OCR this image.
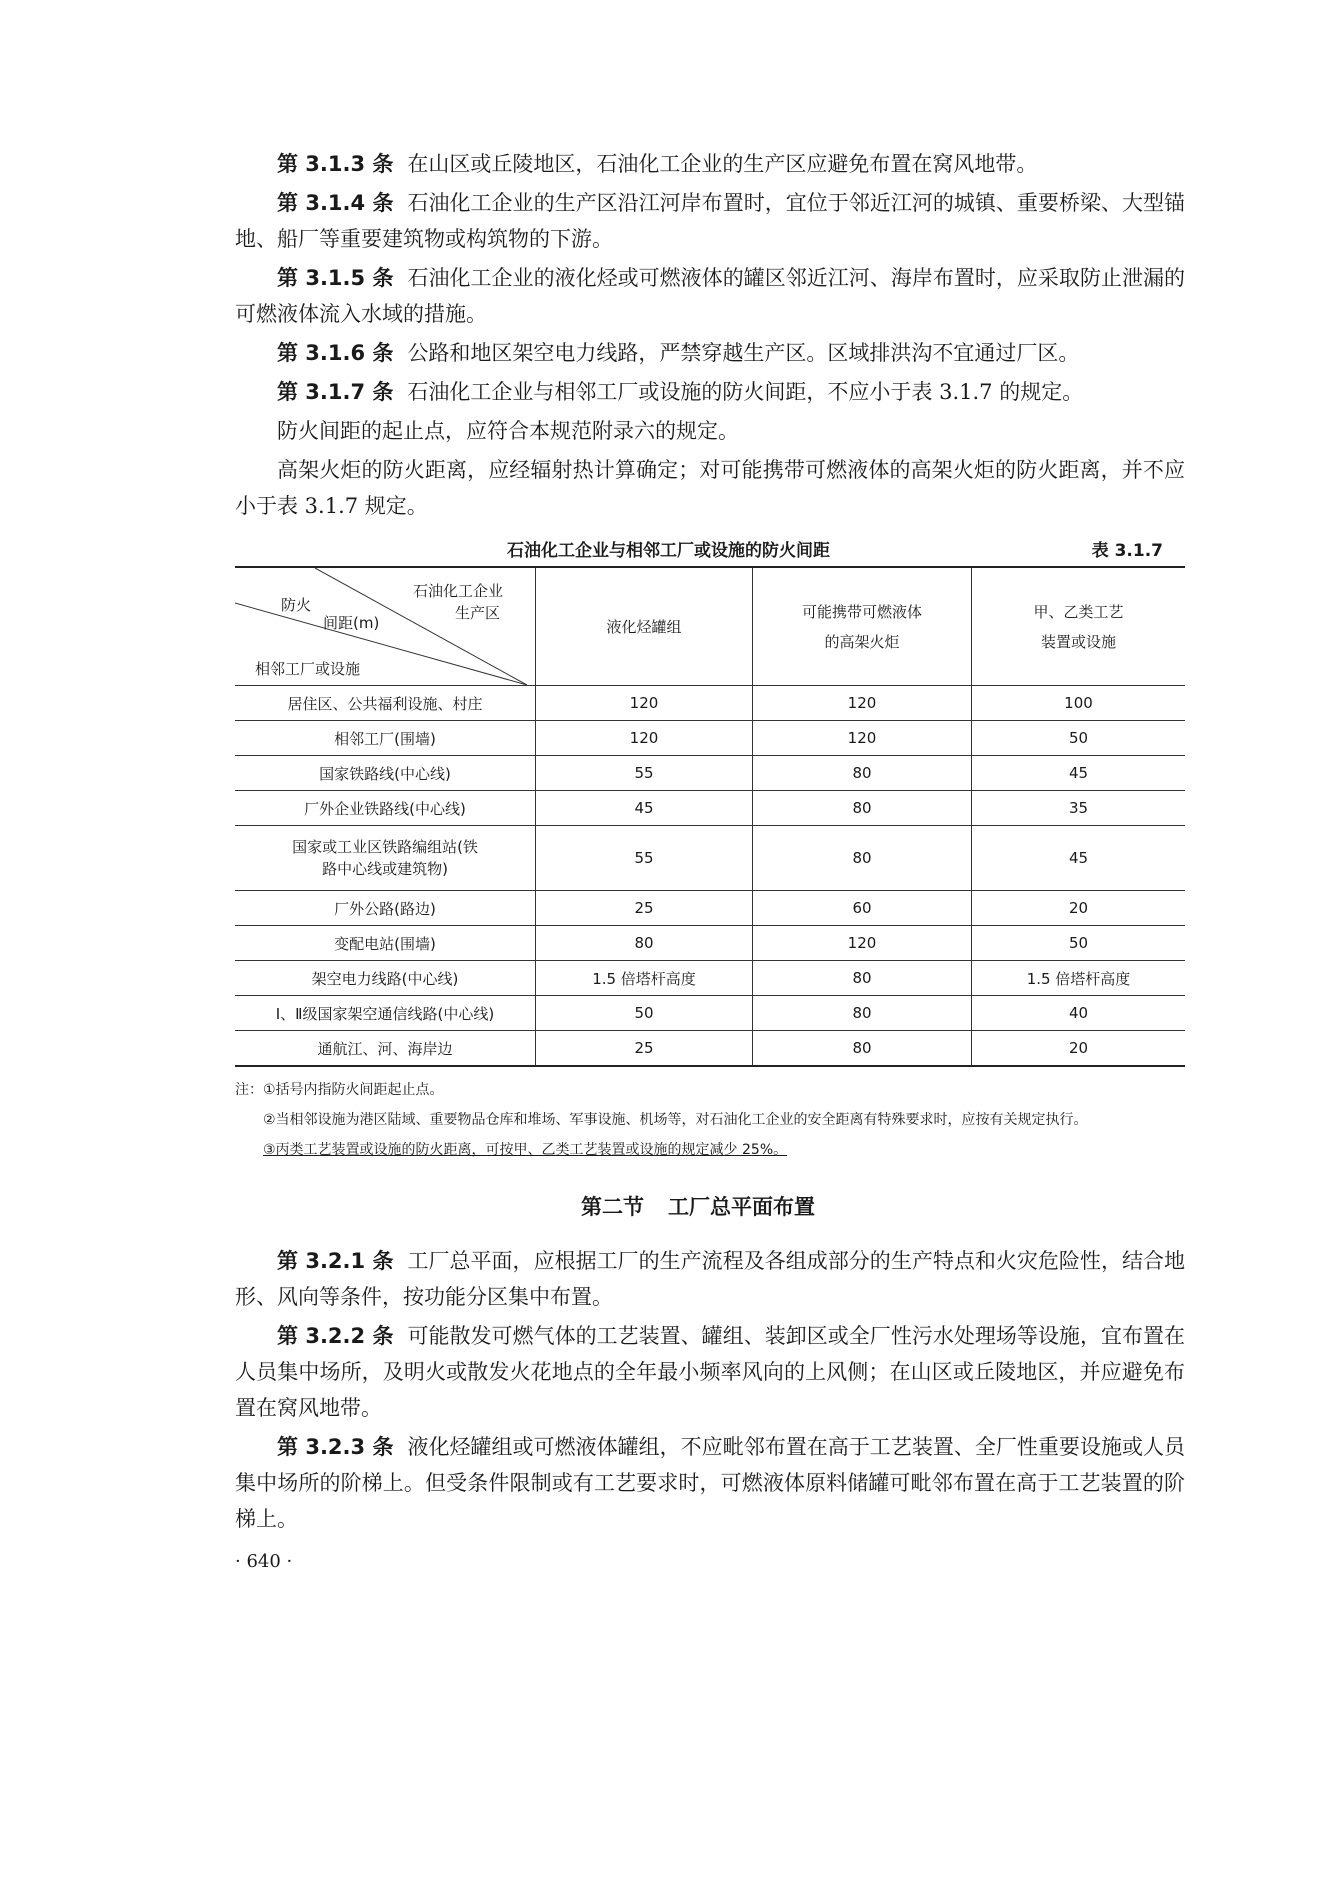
第 3.1.3 条 在山区或丘陵地区，石油化工企业的生产区应避免布置在窝风地带。

第 3.1.4 条 石油化工企业的生产区沿江河岸布置时，宜位于邻近江河的城镇、重要桥梁、大型锚地、船厂等重要建筑物或构筑物的下游。

第 3.1.5 条 石油化工企业的液化烃或可燃液体的罐区邻近江河、海岸布置时，应采取防止泄漏的可燃液体流入水域的措施。

第 3.1.6 条 公路和地区架空电力线路，严禁穿越生产区。区域排洪沟不宜通过厂区。

第 3.1.7 条 石油化工企业与相邻工厂或设施的防火间距，不应小于表 3.1.7 的规定。

防火间距的起止点，应符合本规范附录六的规定。

高架火炬的防火距离，应经辐射热计算确定；对可能携带可燃液体的高架火炬的防火距离，并不应小于表 3.1.7 规定。

石油化工企业与相邻工厂或设施的防火间距	表 3.1.7
石油化工企业
生产区
防火
间距(m)
相邻工厂或设施	液化烃罐组	可能携带可燃液体的高架火炬	甲、乙类工艺装置或设施

居住区、公共福利设施、村庄	120	120	100
相邻工厂(围墙)	120	120	50
国家铁路线(中心线)	55	80	45
厂外企业铁路线(中心线)	45	80	35

国家或工业区铁路编组站(铁路中心线或建筑物)	55	80	45
厂外公路(路边)	25	60	20
变配电站(围墙)	80	120	50
架空电力线路(中心线)	1.5 倍塔杆高度	80	1.5 倍塔杆高度
Ⅰ、Ⅱ级国家架空通信线路(中心线)	50	80	40
通航江、河、海岸边	25	80	20
注：①括号内指防火间距起止点。
②当相邻设施为港区陆域、重要物品仓库和堆场、军事设施、机场等，对石油化工企业的安全距离有特殊要求时，应按有关规定执行。
③丙类工艺装置或设施的防火距离，可按甲、乙类工艺装置或设施的规定减少 25%。
第二节 工厂总平面布置

第 3.2.1 条 工厂总平面，应根据工厂的生产流程及各组成部分的生产特点和火灾危险性，结合地形、风向等条件，按功能分区集中布置。

第 3.2.2 条 可能散发可燃气体的工艺装置、罐组、装卸区或全厂性污水处理场等设施，宜布置在人员集中场所，及明火或散发火花地点的全年最小频率风向的上风侧；在山区或丘陵地区，并应避免布置在窝风地带。

第 3.2.3 条 液化烃罐组或可燃液体罐组，不应毗邻布置在高于工艺装置、全厂性重要设施或人员集中场所的阶梯上。但受条件限制或有工艺要求时，可燃液体原料储罐可毗邻布置在高于工艺装置的阶梯上。

· 640 ·
